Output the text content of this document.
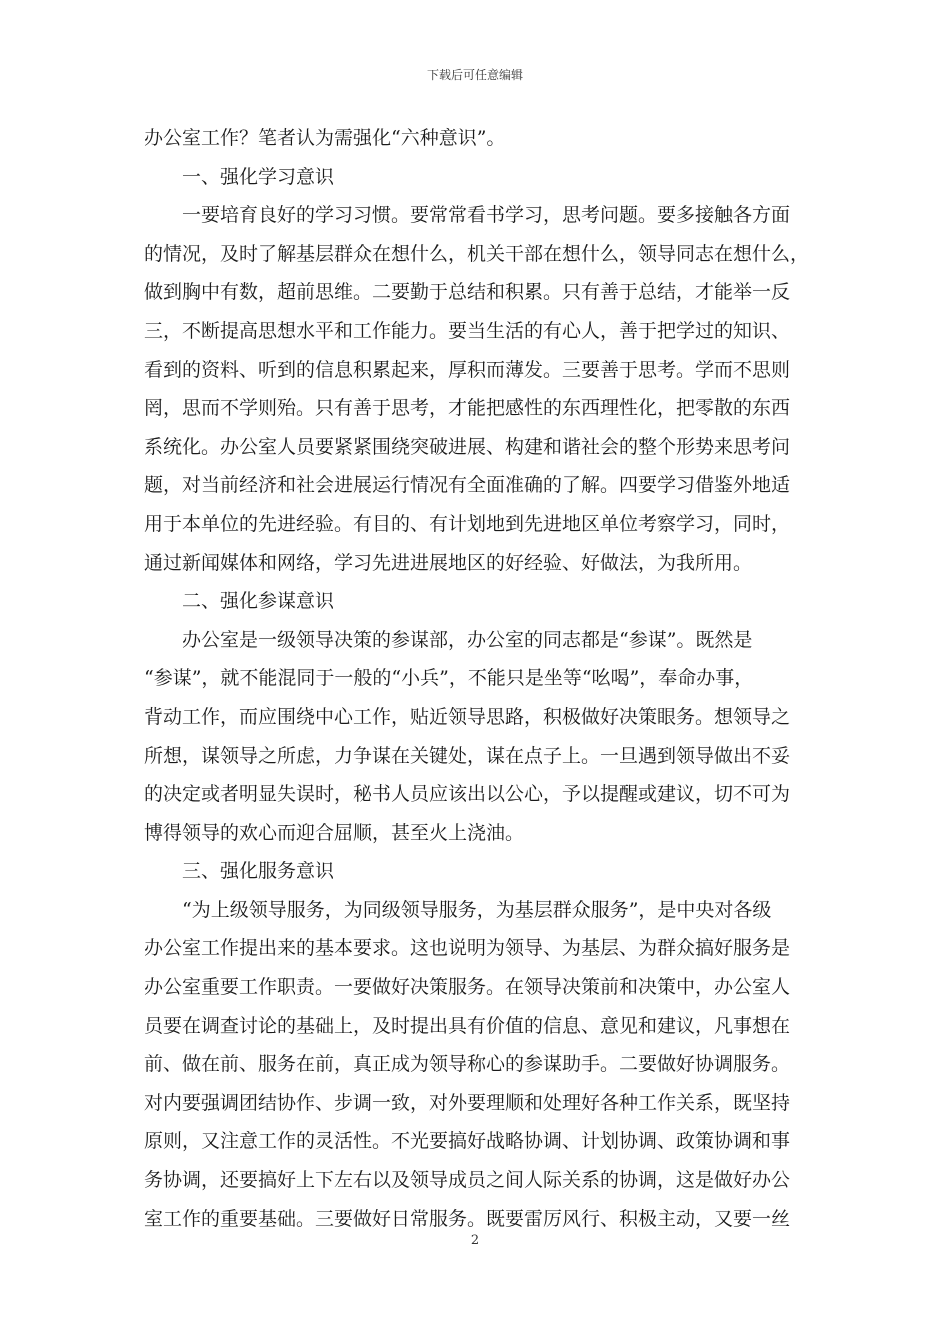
下载后可任意编辑
办公室工作？笔者认为需强化“六种意识”。
一、强化学习意识
一要培育良好的学习习惯。要常常看书学习，思考问题。要多接触各方面
的情况，及时了解基层群众在想什么，机关干部在想什么，领导同志在想什么，
做到胸中有数，超前思维。二要勤于总结和积累。只有善于总结，才能举一反
三，不断提高思想水平和工作能力。要当生活的有心人，善于把学过的知识、
看到的资料、听到的信息积累起来，厚积而薄发。三要善于思考。学而不思则
罔，思而不学则殆。只有善于思考，才能把感性的东西理性化，把零散的东西
系统化。办公室人员要紧紧围绕突破进展、构建和谐社会的整个形势来思考问
题，对当前经济和社会进展运行情况有全面准确的了解。四要学习借鉴外地适
用于本单位的先进经验。有目的、有计划地到先进地区单位考察学习，同时，
通过新闻媒体和网络，学习先进进展地区的好经验、好做法，为我所用。
二、强化参谋意识
办公室是一级领导决策的参谋部，办公室的同志都是“参谋”。既然是
“参谋”，就不能混同于一般的“小兵”，不能只是坐等“吆喝”，奉命办事，
背动工作，而应围绕中心工作，贴近领导思路，积极做好决策眼务。想领导之
所想，谋领导之所虑，力争谋在关键处，谋在点子上。一旦遇到领导做出不妥
的决定或者明显失误时，秘书人员应该出以公心，予以提醒或建议，切不可为
博得领导的欢心而迎合屈顺，甚至火上浇油。
三、强化服务意识
“为上级领导服务，为同级领导服务，为基层群众服务”，是中央对各级
办公室工作提出来的基本要求。这也说明为领导、为基层、为群众搞好服务是
办公室重要工作职责。一要做好决策服务。在领导决策前和决策中，办公室人
员要在调查讨论的基础上，及时提出具有价值的信息、意见和建议，凡事想在
前、做在前、服务在前，真正成为领导称心的参谋助手。二要做好协调服务。
对内要强调团结协作、步调一致，对外要理顺和处理好各种工作关系，既坚持
原则，又注意工作的灵活性。不光要搞好战略协调、计划协调、政策协调和事
务协调，还要搞好上下左右以及领导成员之间人际关系的协调，这是做好办公
室工作的重要基础。三要做好日常服务。既要雷厉风行、积极主动，又要一丝
2
